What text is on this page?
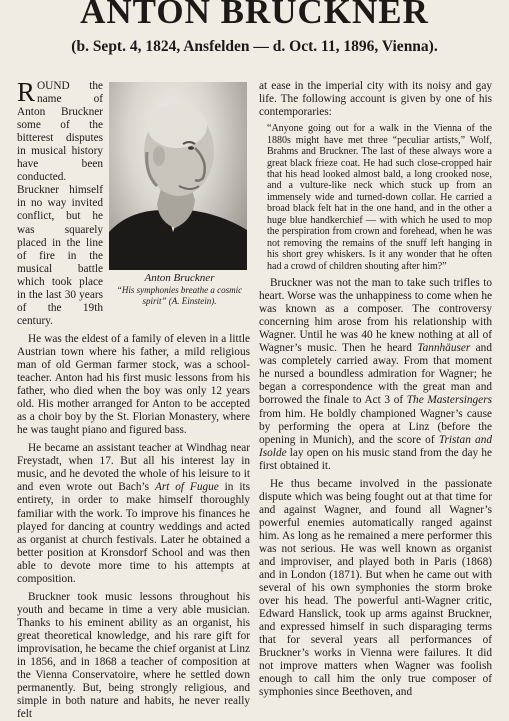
ANTON BRUCKNER
(b. Sept. 4, 1824, Ansfelden — d. Oct. 11, 1896, Vienna).
Anton Bruckner
“His symphonies breathe a cosmic spirit” (A. Einstein).

ROUND the name of Anton Bruckner some of the bitterest disputes in musical history have been conducted. Bruckner himself in no way invited conflict, but he was squarely placed in the line of fire in the musical battle which took place in the last 30 years of the 19th century.

He was the eldest of a family of eleven in a little Austrian town where his father, a mild religious man of old German farmer stock, was a school-teacher. Anton had his first music lessons from his father, who died when the boy was only 12 years old. His mother arranged for Anton to be accepted as a choir boy by the St. Florian Monastery, where he was taught piano and figured bass.

He became an assistant teacher at Windhag near Freystadt, when 17. But all his interest lay in music, and he devoted the whole of his leisure to it and even wrote out Bach’s Art of Fugue in its entirety, in order to make himself thoroughly familiar with the work. To improve his finances he played for dancing at country weddings and acted as organist at church festivals. Later he obtained a better position at Kronsdorf School and was then able to devote more time to his attempts at composition.

Bruckner took music lessons throughout his youth and became in time a very able musician. Thanks to his eminent ability as an organist, his great theoretical knowledge, and his rare gift for improvisation, he became the chief organist at Linz in 1856, and in 1868 a teacher of composition at the Vienna Conservatoire, where he settled down permanently. But, being strongly religious, and simple in both nature and habits, he never really felt

at ease in the imperial city with its noisy and gay life. The following account is given by one of his contemporaries:

“Anyone going out for a walk in the Vienna of the 1880s might have met three “peculiar artists,” Wolf, Brahms and Bruckner. The last of these always wore a great black frieze coat. He had such close-cropped hair that his head looked almost bald, a long crooked nose, and a vulture-like neck which stuck up from an immensely wide and turned-down collar. He carried a broad black felt hat in the one hand, and in the other a huge blue handkerchief — with which he used to mop the perspiration from crown and forehead, when he was not removing the remains of the snuff left hanging in his short grey whiskers. Is it any wonder that he often had a crowd of children shouting after him?”

Bruckner was not the man to take such trifles to heart. Worse was the unhappiness to come when he was known as a composer. The controversy concerning him arose from his relationship with Wagner. Until he was 40 he knew nothing at all of Wagner’s music. Then he heard Tannhäuser and was completely carried away. From that moment he nursed a boundless admiration for Wagner; he began a correspondence with the great man and borrowed the finale to Act 3 of The Mastersingers from him. He boldly championed Wagner’s cause by performing the opera at Linz (before the opening in Munich), and the score of Tristan and Isolde lay open on his music stand from the day he first obtained it.

He thus became involved in the passionate dispute which was being fought out at that time for and against Wagner, and found all Wagner’s powerful enemies automatically ranged against him. As long as he remained a mere performer this was not serious. He was well known as organist and improviser, and played both in Paris (1868) and in London (1871). But when he came out with several of his own symphonies the storm broke over his head. The powerful anti-Wagner critic, Edward Hanslick, took up arms against Bruckner, and expressed himself in such disparaging terms that for several years all performances of Bruckner’s works in Vienna were failures. It did not improve matters when Wagner was foolish enough to call him the only true composer of symphonies since Beethoven, and
